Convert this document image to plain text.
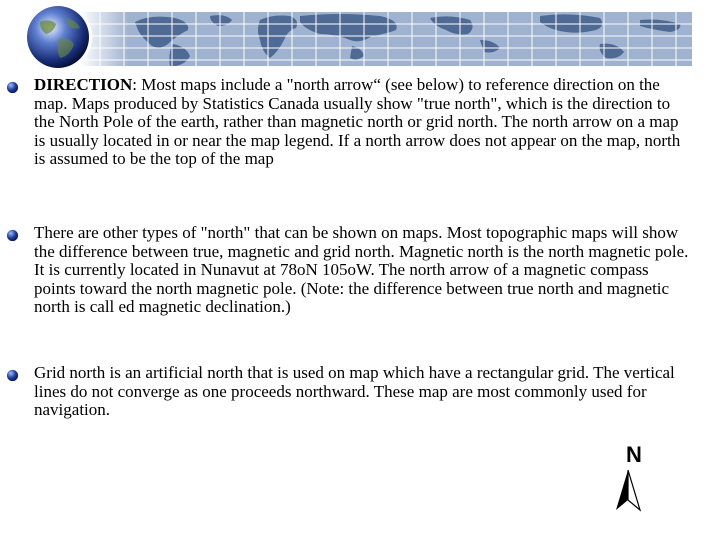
DIRECTION: Most maps include a "north arrow“ (see below) to reference direction on the map. Maps produced by Statistics Canada usually show "true north", which is the direction to the North Pole of the earth, rather than magnetic north or grid north. The north arrow on a map is usually located in or near the map legend. If a north arrow does not appear on the map, north is assumed to be the top of the map

There are other types of "north" that can be shown on maps. Most topographic maps will show the difference between true, magnetic and grid north. Magnetic north is the north magnetic pole. It is currently located in Nunavut at 78oN 105oW. The north arrow of a magnetic compass points toward the north magnetic pole. (Note: the difference between true north and magnetic north is call ed magnetic declination.)

Grid north is an artificial north that is used on map which have a rectangular grid. The vertical lines do not converge as one proceeds northward. These map are most commonly used for navigation.

N
